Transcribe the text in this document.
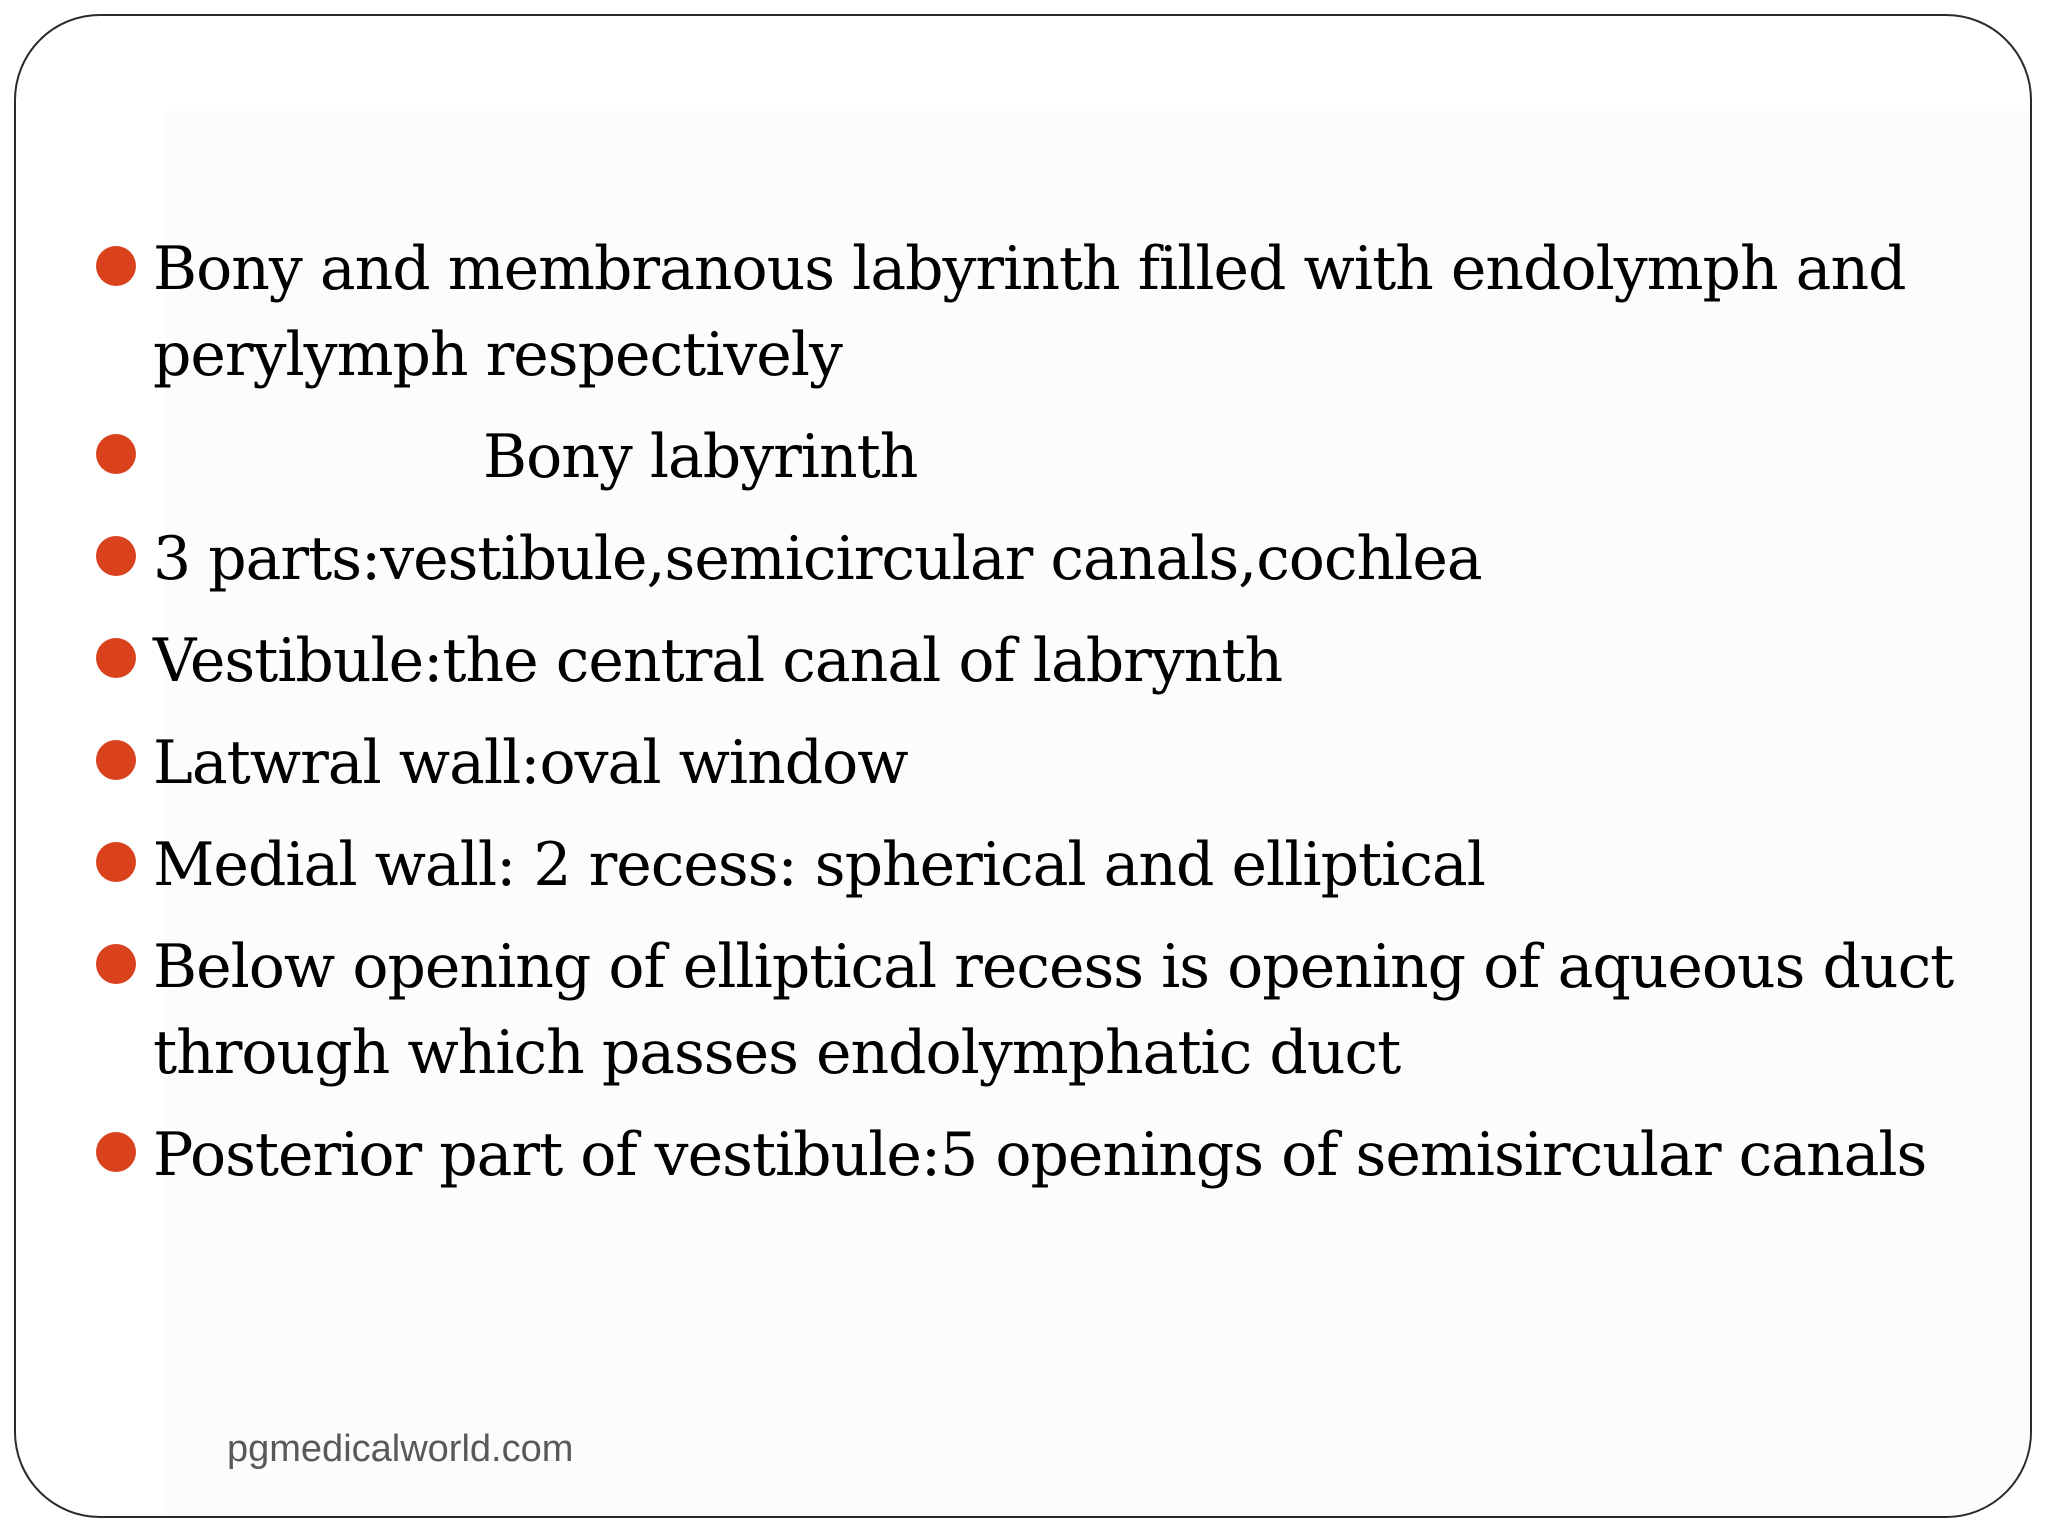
Bony and membranous labyrinth filled with endolymph and perylymph respectively
Bony labyrinth
3 parts:vestibule,semicircular canals,cochlea
Vestibule:the central canal of labrynth
Latwral wall:oval window
Medial wall: 2 recess: spherical and elliptical
Below opening of elliptical recess is opening of aqueous duct through which passes endolymphatic duct
Posterior part of vestibule:5 openings of semisircular canals
pgmedicalworld.com
